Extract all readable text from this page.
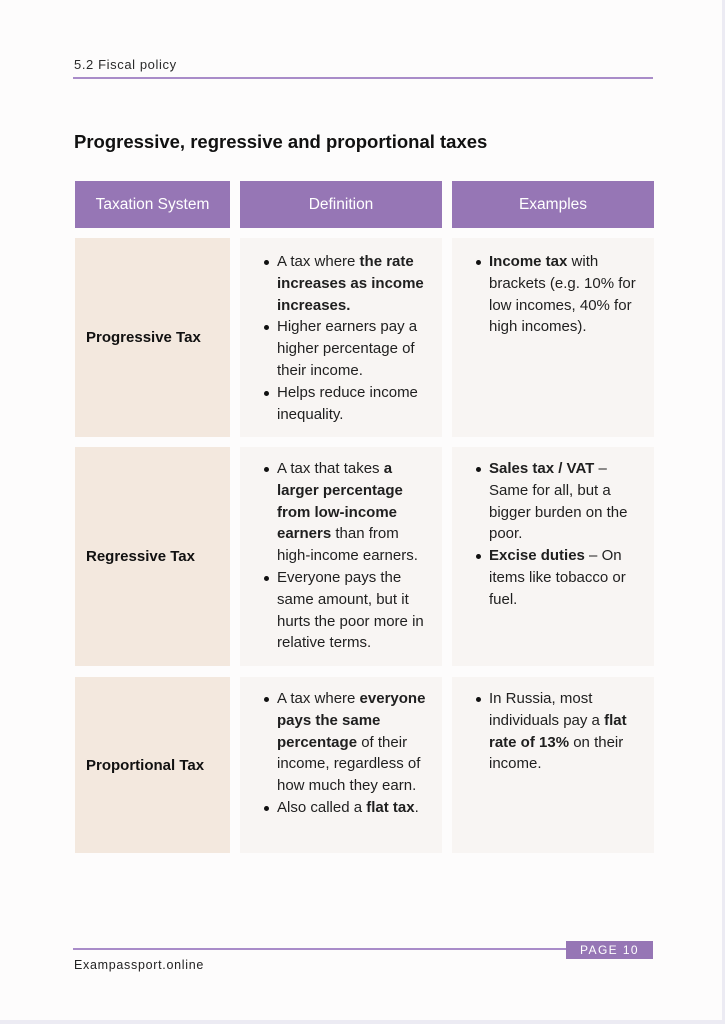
5.2 Fiscal policy
Progressive, regressive and proportional taxes
Taxation System	Definition	Examples
Progressive Tax
A tax where the rate increases as income increases.
Higher earners pay a higher percentage of their income.
Helps reduce income inequality.
Income tax with brackets (e.g. 10% for low incomes, 40% for high incomes).
Regressive Tax
A tax that takes a larger percentage from low-income earners than from high-income earners.
Everyone pays the same amount, but it hurts the poor more in relative terms.
Sales tax / VAT – Same for all, but a bigger burden on the poor.
Excise duties – On items like tobacco or fuel.
Proportional Tax
A tax where everyone pays the same percentage of their income, regardless of how much they earn.
Also called a flat tax.
In Russia, most individuals pay a flat rate of 13% on their income.
PAGE 10
Exampassport.online
